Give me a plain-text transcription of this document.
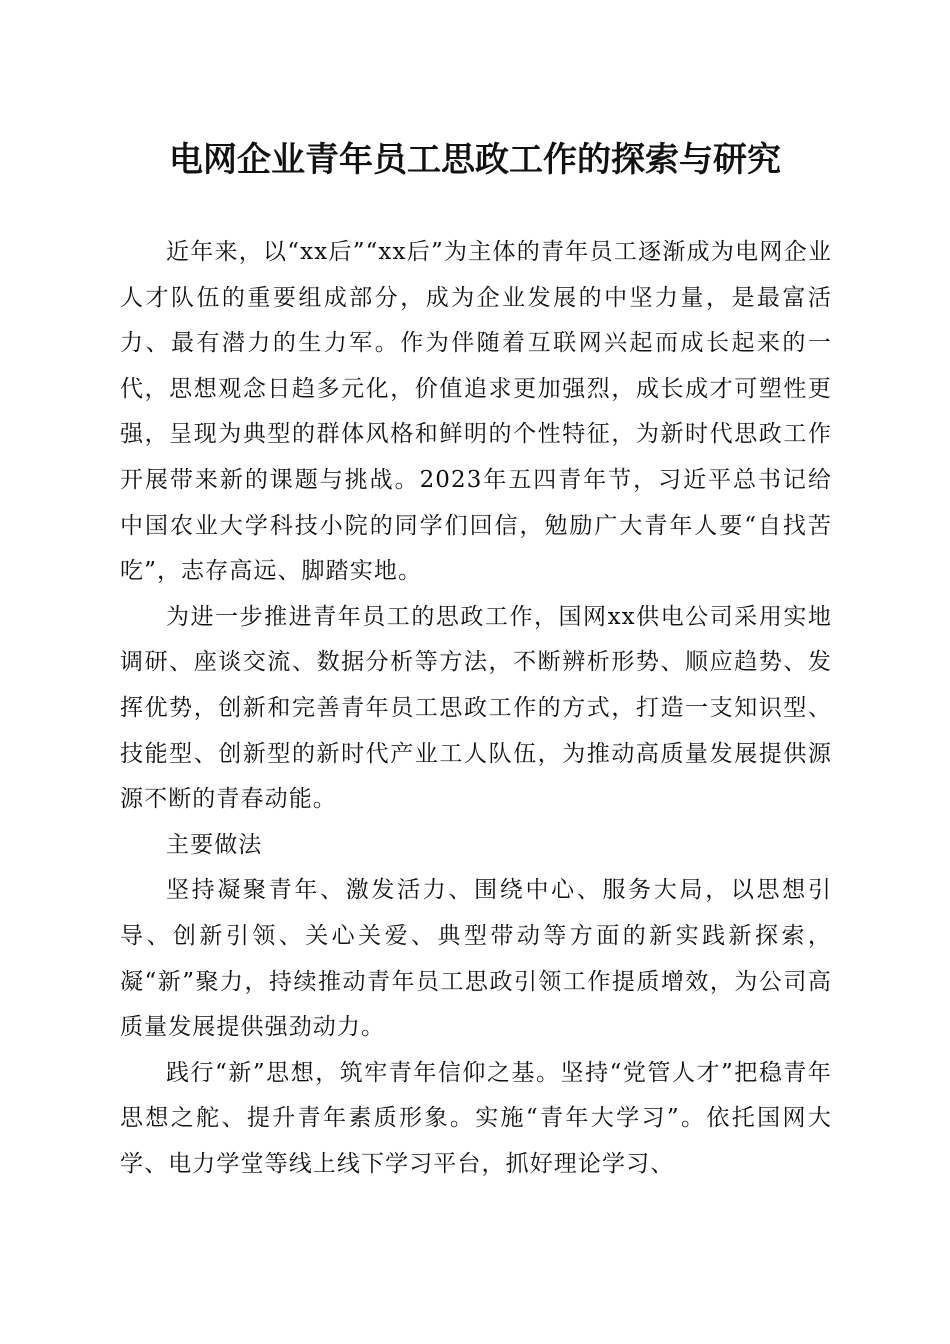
电网企业青年员工思政工作的探索与研究

近年来，以“xx后”“xx后”为主体的青年员工逐渐成为电网企业人才队伍的重要组成部分，成为企业发展的中坚力量，是最富活力、最有潜力的生力军。作为伴随着互联网兴起而成长起来的一代，思想观念日趋多元化，价值追求更加强烈，成长成才可塑性更强，呈现为典型的群体风格和鲜明的个性特征，为新时代思政工作开展带来新的课题与挑战。2023年五四青年节，习近平总书记给中国农业大学科技小院的同学们回信，勉励广大青年人要“自找苦吃”，志存高远、脚踏实地。

为进一步推进青年员工的思政工作，国网xx供电公司采用实地调研、座谈交流、数据分析等方法，不断辨析形势、顺应趋势、发挥优势，创新和完善青年员工思政工作的方式，打造一支知识型、技能型、创新型的新时代产业工人队伍，为推动高质量发展提供源源不断的青春动能。

主要做法

坚持凝聚青年、激发活力、围绕中心、服务大局，以思想引导、创新引领、关心关爱、典型带动等方面的新实践新探索，凝“新”聚力，持续推动青年员工思政引领工作提质增效，为公司高质量发展提供强劲动力。

践行“新”思想，筑牢青年信仰之基。坚持“党管人才”把稳青年思想之舵、提升青年素质形象。实施“青年大学习”。依托国网大学、电力学堂等线上线下学习平台，抓好理论学习、
